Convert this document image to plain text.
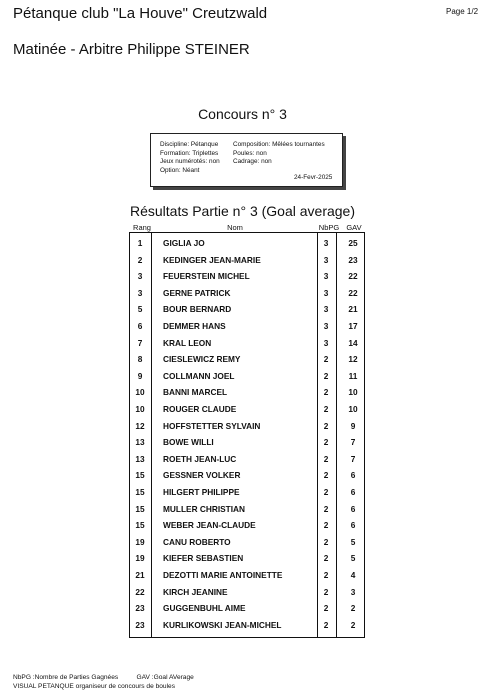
Pétanque club "La Houve" Creutzwald	Page 1/2
Matinée - Arbitre Philippe STEINER
Concours n° 3
Discipline: Pétanque
Formation: Triplettes
Jeux numérotés: non
Option: Néant
Composition: Mêlées tournantes
Poules: non
Cadrage: non
24-Fevr-2025
Résultats Partie n° 3 (Goal average)
Rang	Nom	NbPG GAV
1	GIGLIA JO	3	25
2	KEDINGER JEAN-MARIE	3	23
3	FEUERSTEIN MICHEL	3	22
3	GERNE PATRICK	3	22
5	BOUR BERNARD	3	21
6	DEMMER HANS	3	17
7	KRAL LEON	3	14
8	CIESLEWICZ REMY	2	12
9	COLLMANN JOEL	2	11
10	BANNI MARCEL	2	10
10	ROUGER CLAUDE	2	10
12	HOFFSTETTER SYLVAIN	2	9
13	BOWE WILLI	2	7
13	ROETH JEAN-LUC	2	7
15	GESSNER VOLKER	2	6
15	HILGERT PHILIPPE	2	6
15	MULLER CHRISTIAN	2	6
15	WEBER JEAN-CLAUDE	2	6
19	CANU ROBERTO	2	5
19	KIEFER SEBASTIEN	2	5
21	DEZOTTI MARIE ANTOINETTE	2	4
22	KIRCH JEANINE	2	3
23	GUGGENBUHL AIME	2	2
23	KURLIKOWSKI JEAN-MICHEL	2	2
NbPG :Nombre de Parties Gagnées          GAV :Goal AVerage
VISUAL PETANQUE organiseur de concours de boules
